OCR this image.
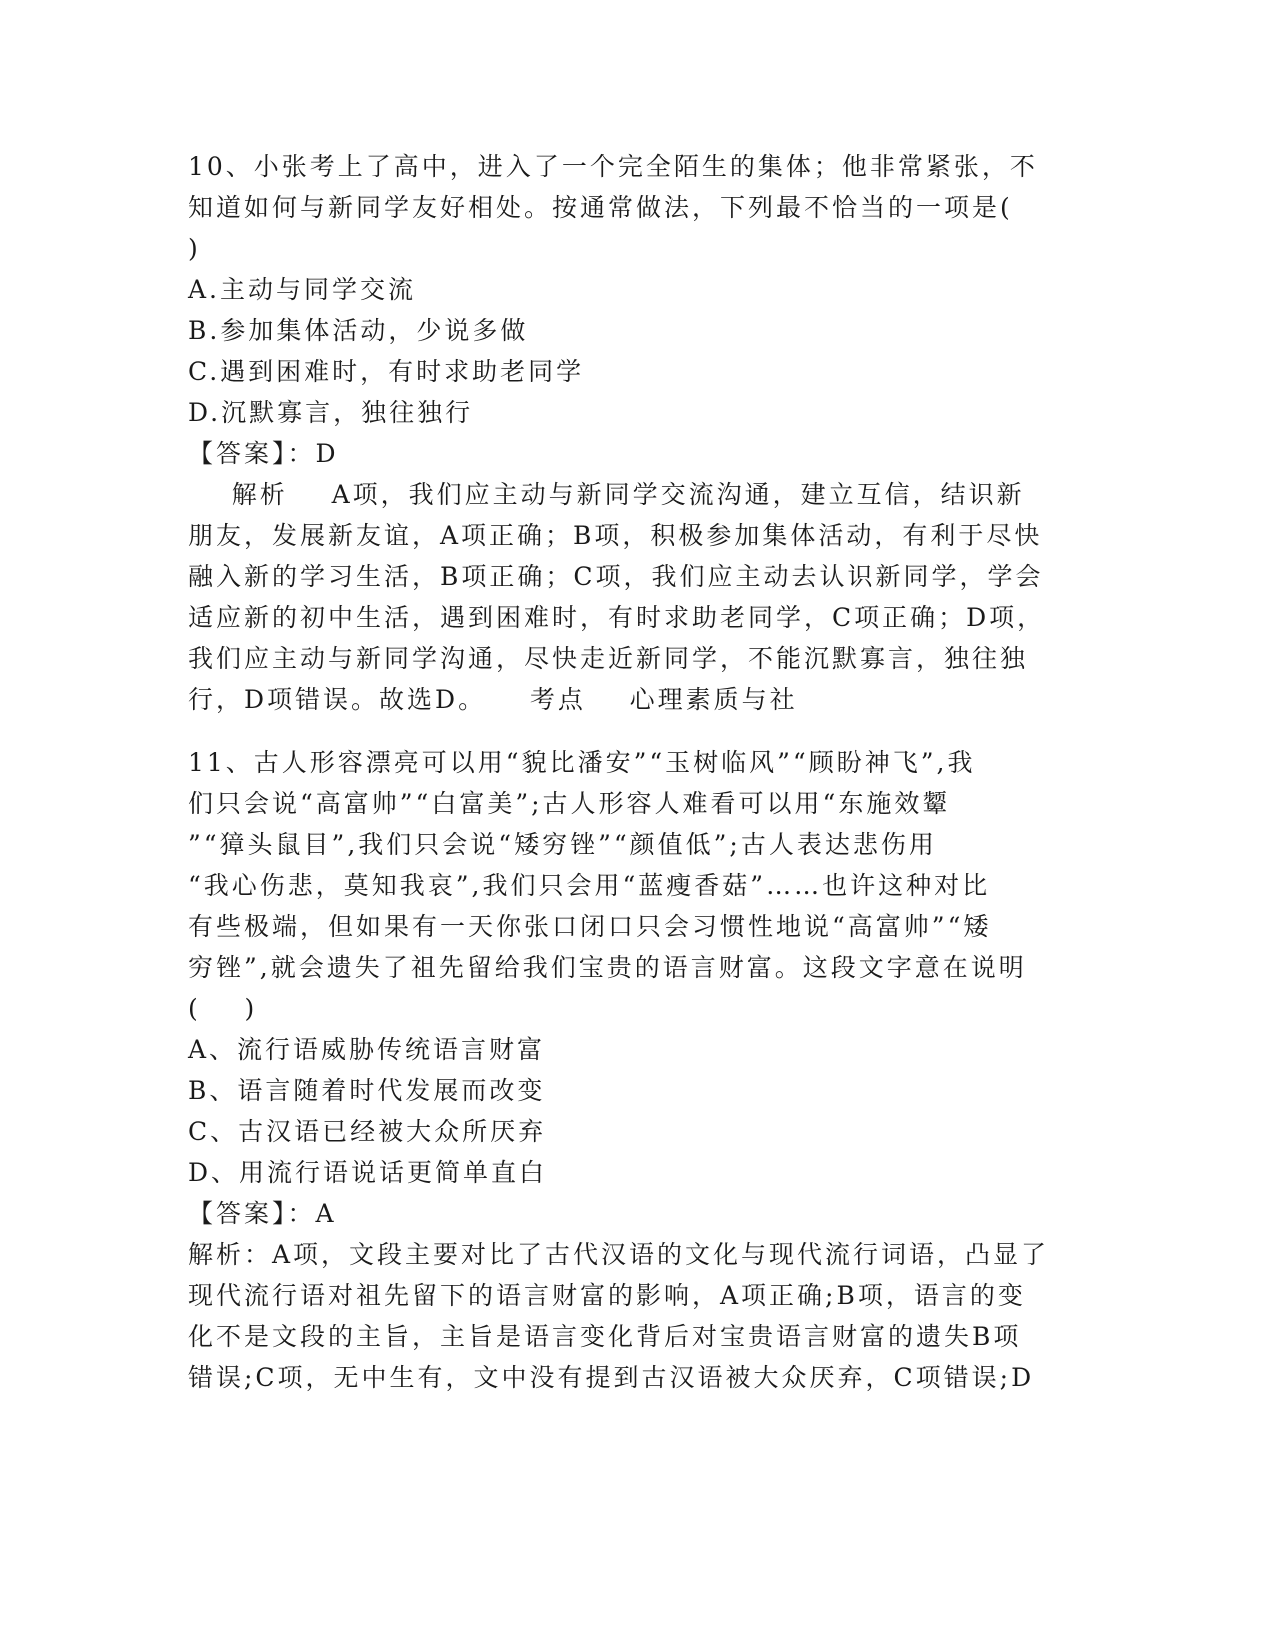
10、小张考上了高中，进入了一个完全陌生的集体；他非常紧张，不
知道如何与新同学友好相处。按通常做法，下列最不恰当的一项是(
)
A.主动与同学交流
B.参加集体活动，少说多做
C.遇到困难时，有时求助老同学
D.沉默寡言，独往独行
【答案】：D
解析    A项，我们应主动与新同学交流沟通，建立互信，结识新
朋友，发展新友谊，A项正确；B项，积极参加集体活动，有利于尽快
融入新的学习生活，B项正确；C项，我们应主动去认识新同学，学会
适应新的初中生活，遇到困难时，有时求助老同学，C项正确；D项，
我们应主动与新同学沟通，尽快走近新同学，不能沉默寡言，独往独
行，D项错误。故选D。    考点    心理素质与社
11、古人形容漂亮可以用“貌比潘安”“玉树临风”“顾盼神飞”,我
们只会说“高富帅”“白富美”;古人形容人难看可以用“东施效颦
”“獐头鼠目”,我们只会说“矮穷锉”“颜值低”;古人表达悲伤用
“我心伤悲，莫知我哀”,我们只会用“蓝瘦香菇”……也许这种对比
有些极端，但如果有一天你张口闭口只会习惯性地说“高富帅”“矮
穷锉”,就会遗失了祖先留给我们宝贵的语言财富。这段文字意在说明
(    )
A、流行语威胁传统语言财富
B、语言随着时代发展而改变
C、古汉语已经被大众所厌弃
D、用流行语说话更简单直白
【答案】：A
解析：A项，文段主要对比了古代汉语的文化与现代流行词语，凸显了
现代流行语对祖先留下的语言财富的影响，A项正确;B项，语言的变
化不是文段的主旨，主旨是语言变化背后对宝贵语言财富的遗失B项
错误;C项，无中生有，文中没有提到古汉语被大众厌弃，C项错误;D
